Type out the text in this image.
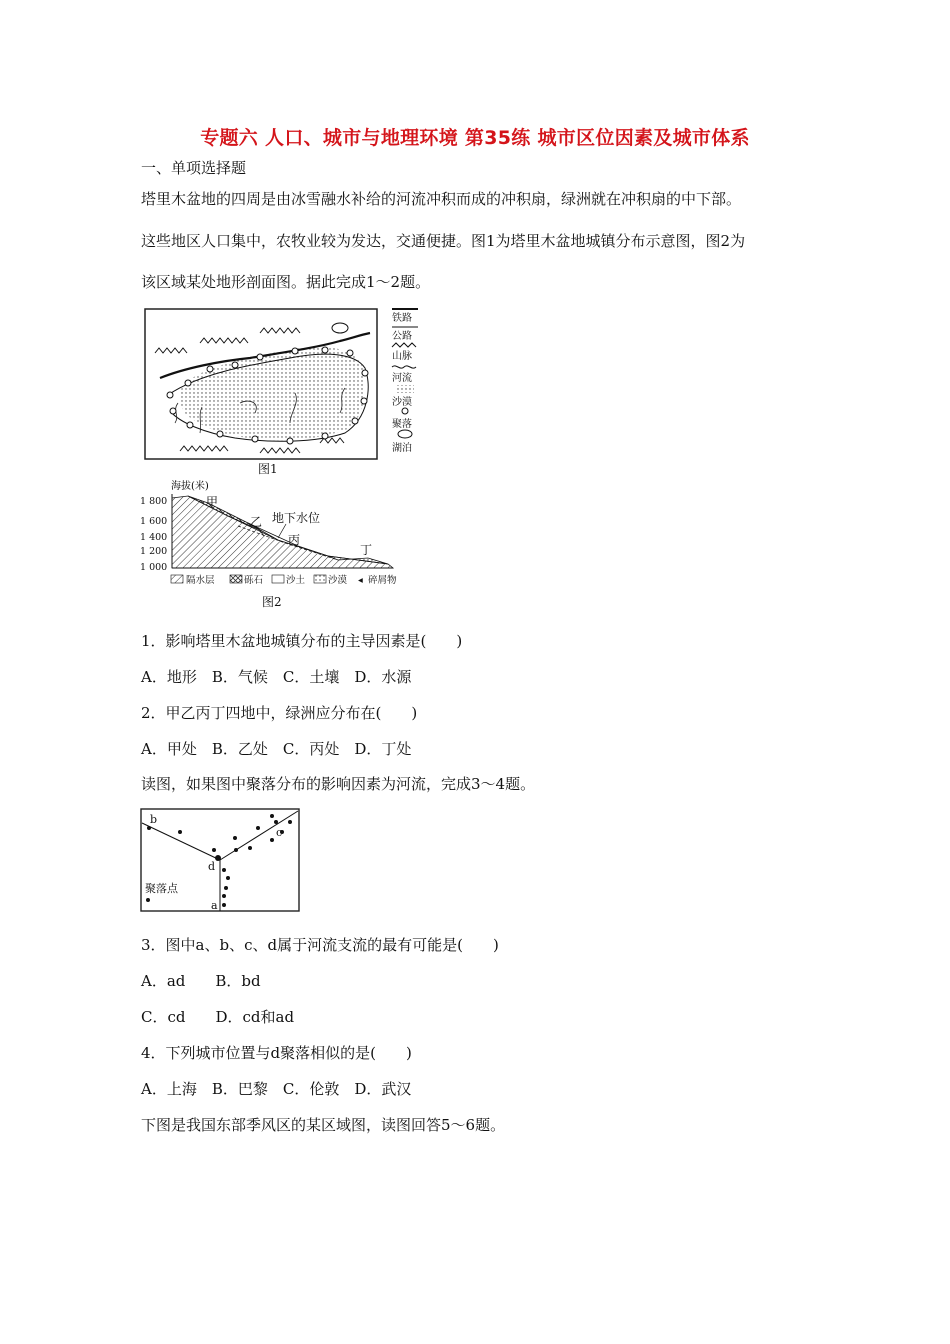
专题六 人口、城市与地理环境 第35练 城市区位因素及城市体系
一、单项选择题
塔里木盆地的四周是由冰雪融水补给的河流冲积而成的冲积扇，绿洲就在冲积扇的中下部。
这些地区人口集中，农牧业较为发达，交通便捷。图1为塔里木盆地城镇分布示意图，图2为
该区域某处地形剖面图。据此完成1～2题。
铁路
公路
山脉
河流
沙漠
聚落
湖泊
图1
海拔(米)
1 800
1 600
1 400
1 200
1 000
甲
乙 地下水位
丙
丁
隔水层	砾石 沙土 沙漠 ◂ 碎屑物
图2
1．影响塔里木盆地城镇分布的主导因素是(　　)
A．地形　B．气候　C．土壤　D．水源
2．甲乙丙丁四地中，绿洲应分布在(　　)
A．甲处　B．乙处　C．丙处　D．丁处
读图，如果图中聚落分布的影响因素为河流，完成3～4题。
b
c
d
a
聚落点
3．图中a、b、c、d属于河流支流的最有可能是(　　)
A．ad　　B．bd
C．cd　　D．cd和ad
4．下列城市位置与d聚落相似的是(　　)
A．上海　B．巴黎　C．伦敦　D．武汉
下图是我国东部季风区的某区域图，读图回答5～6题。
